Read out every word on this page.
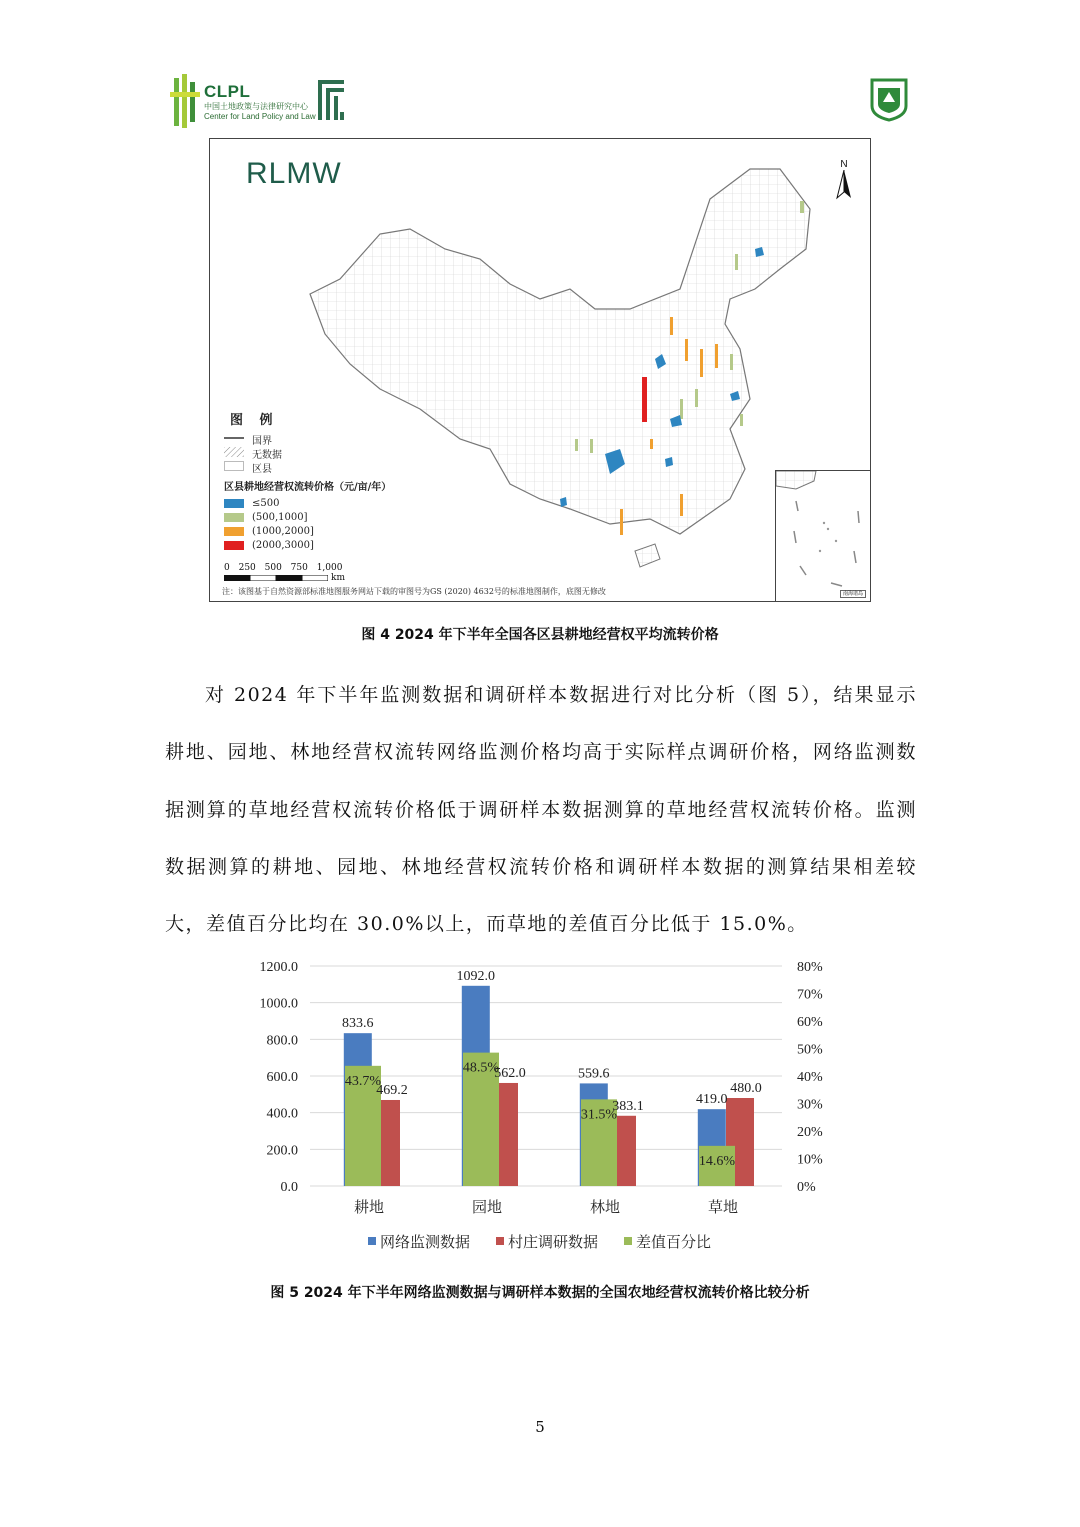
CLPL
中国土地政策与法律研究中心
Center for Land Policy and Law
RLMW	N
图 例
国界
无数据
区县
区县耕地经营权流转价格（元/亩/年）
≤500
(500,1000]
(1000,2000]
(2000,3000]
0 250 500 750 1,000
km
注：该图基于自然资源部标准地图服务网站下载的审图号为GS (2020) 4632号的标准地图制作，底图无修改	南海诸岛
图 4 2024 年下半年全国各区县耕地经营权平均流转价格

对 2024 年下半年监测数据和调研样本数据进行对比分析（图 5），结果显示耕地、园地、林地经营权流转网络监测价格均高于实际样点调研价格，网络监测数据测算的草地经营权流转价格低于调研样本数据测算的草地经营权流转价格。监测数据测算的耕地、园地、林地经营权流转价格和调研样本数据的测算结果相差较大，差值百分比均在 30.0%以上，而草地的差值百分比低于 15.0%。

0.0
200.0
400.0
600.0
800.0
1000.0
1200.0
0%
10%
20%
30%
40%
50%
60%
70%
80%
耕地
833.6
469.2
43.7%
园地
1092.0
562.0
48.5%
林地
559.6
383.1
31.5%
草地
419.0
480.0
14.6%
网络监测数据	村庄调研数据	差值百分比
图 5 2024 年下半年网络监测数据与调研样本数据的全国农地经营权流转价格比较分析
5
